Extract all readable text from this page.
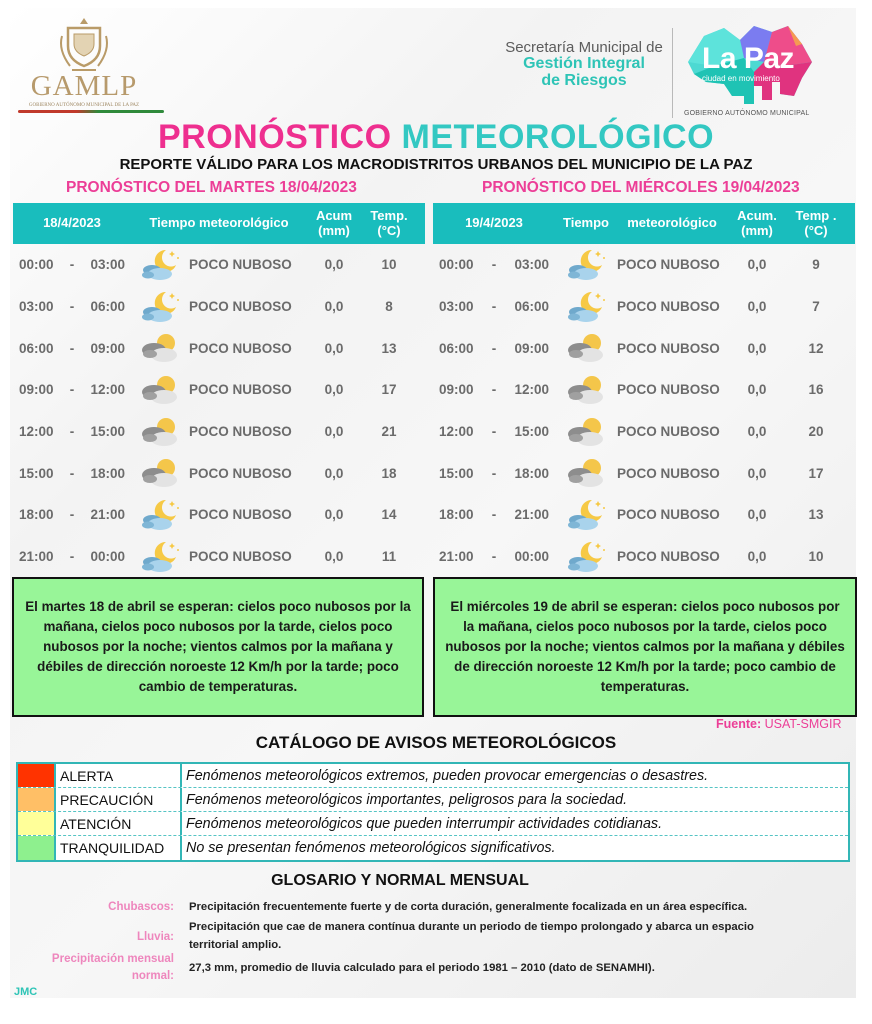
GAMLP
GOBIERNO AUTÓNOMO MUNICIPAL DE LA PAZ
Secretaría Municipal de
Gestión Integral
de Riesgos
La Paz
ciudad en movimiento
GOBIERNO AUTÓNOMO MUNICIPAL
PRONÓSTICO METEOROLÓGICO
REPORTE VÁLIDO PARA LOS MACRODISTRITOS URBANOS DEL MUNICIPIO DE LA PAZ
PRONÓSTICO DEL MARTES 18/04/2023	PRONÓSTICO DEL MIÉRCOLES 19/04/2023
18/4/2023	Tiempo meteorológico	Acum
(mm)
Temp.
(°C)
00:00 - 03:00	POCO NUBOSO	0,0	10
03:00 - 06:00	POCO NUBOSO	0,0	8
06:00 - 09:00	POCO NUBOSO	0,0	13
09:00 - 12:00	POCO NUBOSO	0,0	17
12:00 - 15:00	POCO NUBOSO	0,0	21
15:00 - 18:00	POCO NUBOSO	0,0	18
18:00 - 21:00	POCO NUBOSO	0,0	14
21:00 - 00:00	POCO NUBOSO	0,0	11
19/4/2023	Tiempo	meteorológico	Acum.
(mm)
Temp .
(°C)
00:00 - 03:00	POCO NUBOSO	0,0	9
03:00 - 06:00	POCO NUBOSO	0,0	7
06:00 - 09:00	POCO NUBOSO	0,0	12
09:00 - 12:00	POCO NUBOSO	0,0	16
12:00 - 15:00	POCO NUBOSO	0,0	20
15:00 - 18:00	POCO NUBOSO	0,0	17
18:00 - 21:00	POCO NUBOSO	0,0	13
21:00 - 00:00	POCO NUBOSO	0,0	10
El martes 18 de abril se esperan: cielos poco nubosos por la mañana, cielos poco nubosos por la tarde, cielos poco nubosos por la noche; vientos calmos por la mañana y débiles de dirección noroeste 12 Km/h por la tarde; poco cambio de temperaturas.
El miércoles 19 de abril se esperan: cielos poco nubosos por la mañana, cielos poco nubosos por la tarde, cielos poco nubosos por la noche; vientos calmos por la mañana y débiles de dirección noroeste 12 Km/h por la tarde; poco cambio de temperaturas.
Fuente: USAT-SMGIR
CATÁLOGO DE AVISOS METEOROLÓGICOS
ALERTA	Fenómenos meteorológicos extremos, pueden provocar emergencias o desastres.
PRECAUCIÓN	Fenómenos meteorológicos importantes, peligrosos para la sociedad.
ATENCIÓN	Fenómenos meteorológicos que pueden interrumpir actividades cotidianas.
TRANQUILIDAD	No se presentan fenómenos meteorológicos significativos.
GLOSARIO Y NORMAL MENSUAL
Chubascos: Precipitación frecuentemente fuerte y de corta duración, generalmente focalizada en un área específica.
Lluvia:
Precipitación que cae de manera contínua durante un periodo de tiempo prolongado y abarca un espacio territorial amplio.
Precipitación mensual normal:
27,3 mm, promedio de lluvia calculado para el periodo 1981 – 2010 (dato de SENAMHI).
JMC
